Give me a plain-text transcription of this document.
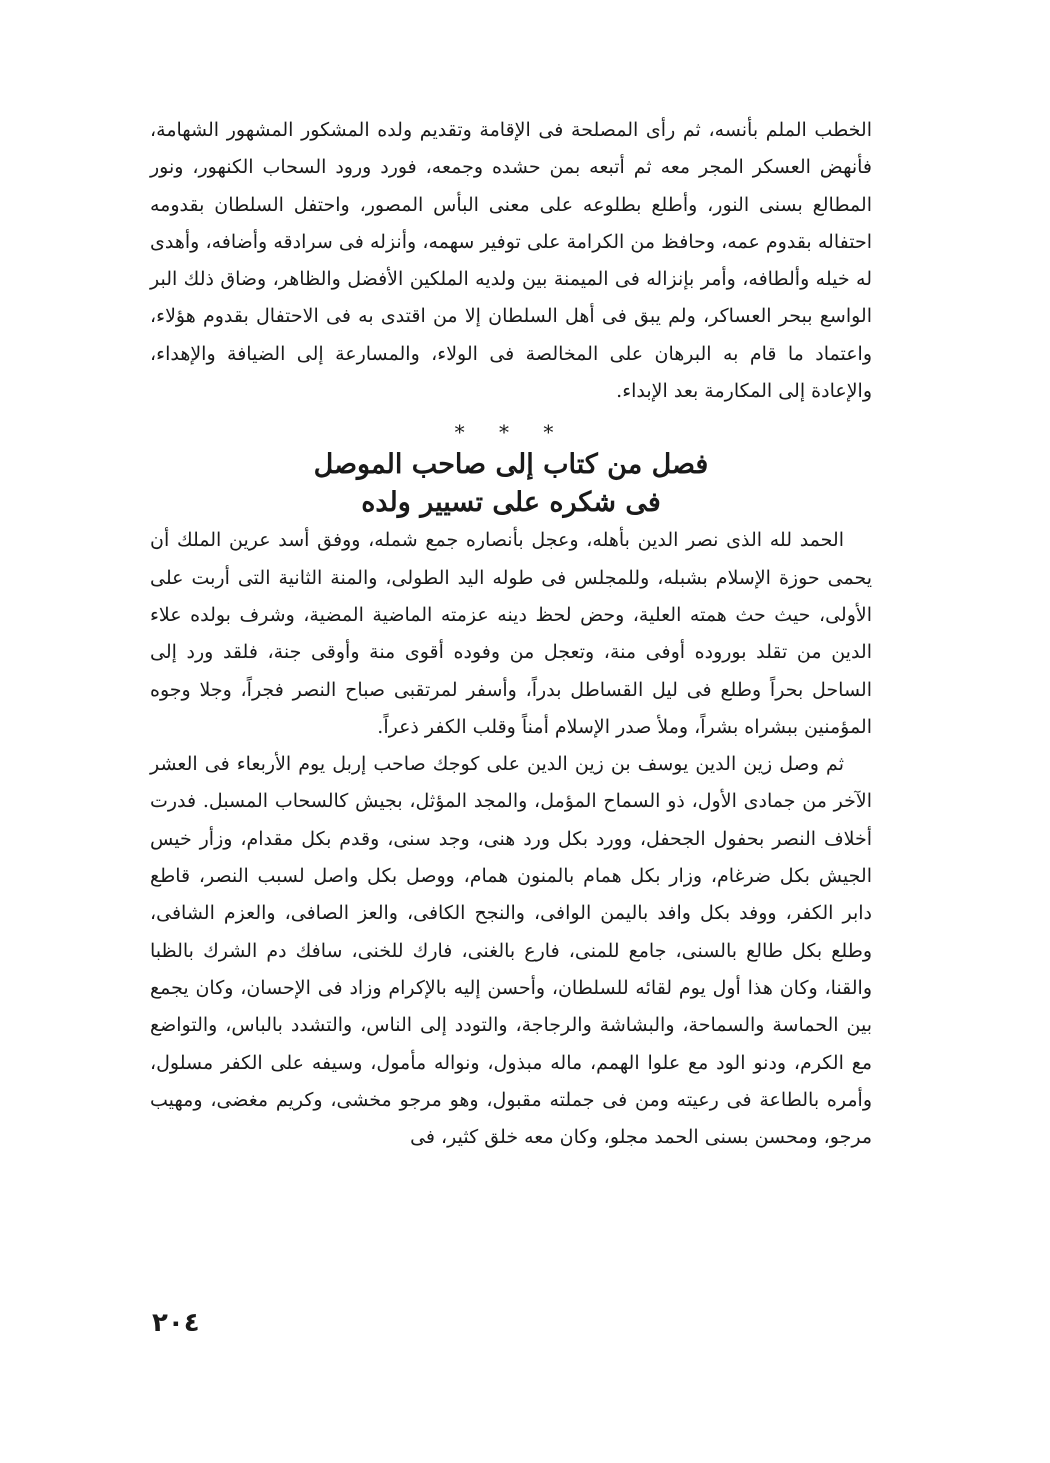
الخطب الملم بأنسه، ثم رأى المصلحة فى الإقامة وتقديم ولده المشكور المشهور الشهامة، فأنهض العسكر المجر معه ثم أتبعه بمن حشده وجمعه، فورد ورود السحاب الكنهور، ونور المطالع بسنى النور، وأطلع بطلوعه على معنى البأس المصور، واحتفل السلطان بقدومه احتفاله بقدوم عمه، وحافظ من الكرامة على توفير سهمه، وأنزله فى سرادقه وأضافه، وأهدى له خيله وألطافه، وأمر بإنزاله فى الميمنة بين ولديه الملكين الأفضل والظاهر، وضاق ذلك البر الواسع ببحر العساكر، ولم يبق فى أهل السلطان إلا من اقتدى به فى الاحتفال بقدوم هؤلاء، واعتماد ما قام به البرهان على المخالصة فى الولاء، والمسارعة إلى الضيافة والإهداء، والإعادة إلى المكارمة بعد الإبداء.

* * *
فصل من كتاب إلى صاحب الموصل
فى شكره على تسيير ولده

الحمد لله الذى نصر الدين بأهله، وعجل بأنصاره جمع شمله، ووفق أسد عرين الملك أن يحمى حوزة الإسلام بشبله، وللمجلس فى طوله اليد الطولى، والمنة الثانية التى أربت على الأولى، حيث حث همته العلية، وحض لحظ دينه عزمته الماضية المضية، وشرف بولده علاء الدين من تقلد بوروده أوفى منة، وتعجل من وفوده أقوى منة وأوقى جنة، فلقد ورد إلى الساحل بحراً وطلع فى ليل القساطل بدراً، وأسفر لمرتقبى صباح النصر فجراً، وجلا وجوه المؤمنين ببشراه بشراً، وملأ صدر الإسلام أمناً وقلب الكفر ذعراً.

ثم وصل زين الدين يوسف بن زين الدين على كوجك صاحب إربل يوم الأربعاء فى العشر الآخر من جمادى الأول، ذو السماح المؤمل، والمجد المؤثل، بجيش كالسحاب المسبل. فدرت أخلاف النصر بحفول الجحفل، وورد بكل ورد هنى، وجد سنى، وقدم بكل مقدام، وزأر خيس الجيش بكل ضرغام، وزار بكل همام بالمنون همام، ووصل بكل واصل لسبب النصر، قاطع دابر الكفر، ووفد بكل وافد باليمن الوافى، والنجح الكافى، والعز الصافى، والعزم الشافى، وطلع بكل طالع بالسنى، جامع للمنى، فارع بالغنى، فارك للخنى، سافك دم الشرك بالظبا والقنا، وكان هذا أول يوم لقائه للسلطان، وأحسن إليه بالإكرام وزاد فى الإحسان، وكان يجمع بين الحماسة والسماحة، والبشاشة والرجاجة، والتودد إلى الناس، والتشدد بالباس، والتواضع مع الكرم، ودنو الود مع علوا الهمم، ماله مبذول، ونواله مأمول، وسيفه على الكفر مسلول، وأمره بالطاعة فى رعيته ومن فى جملته مقبول، وهو مرجو مخشى، وكريم مغضى، ومهيب مرجو، ومحسن بسنى الحمد مجلو، وكان معه خلق كثير، فى

٢٠٤
